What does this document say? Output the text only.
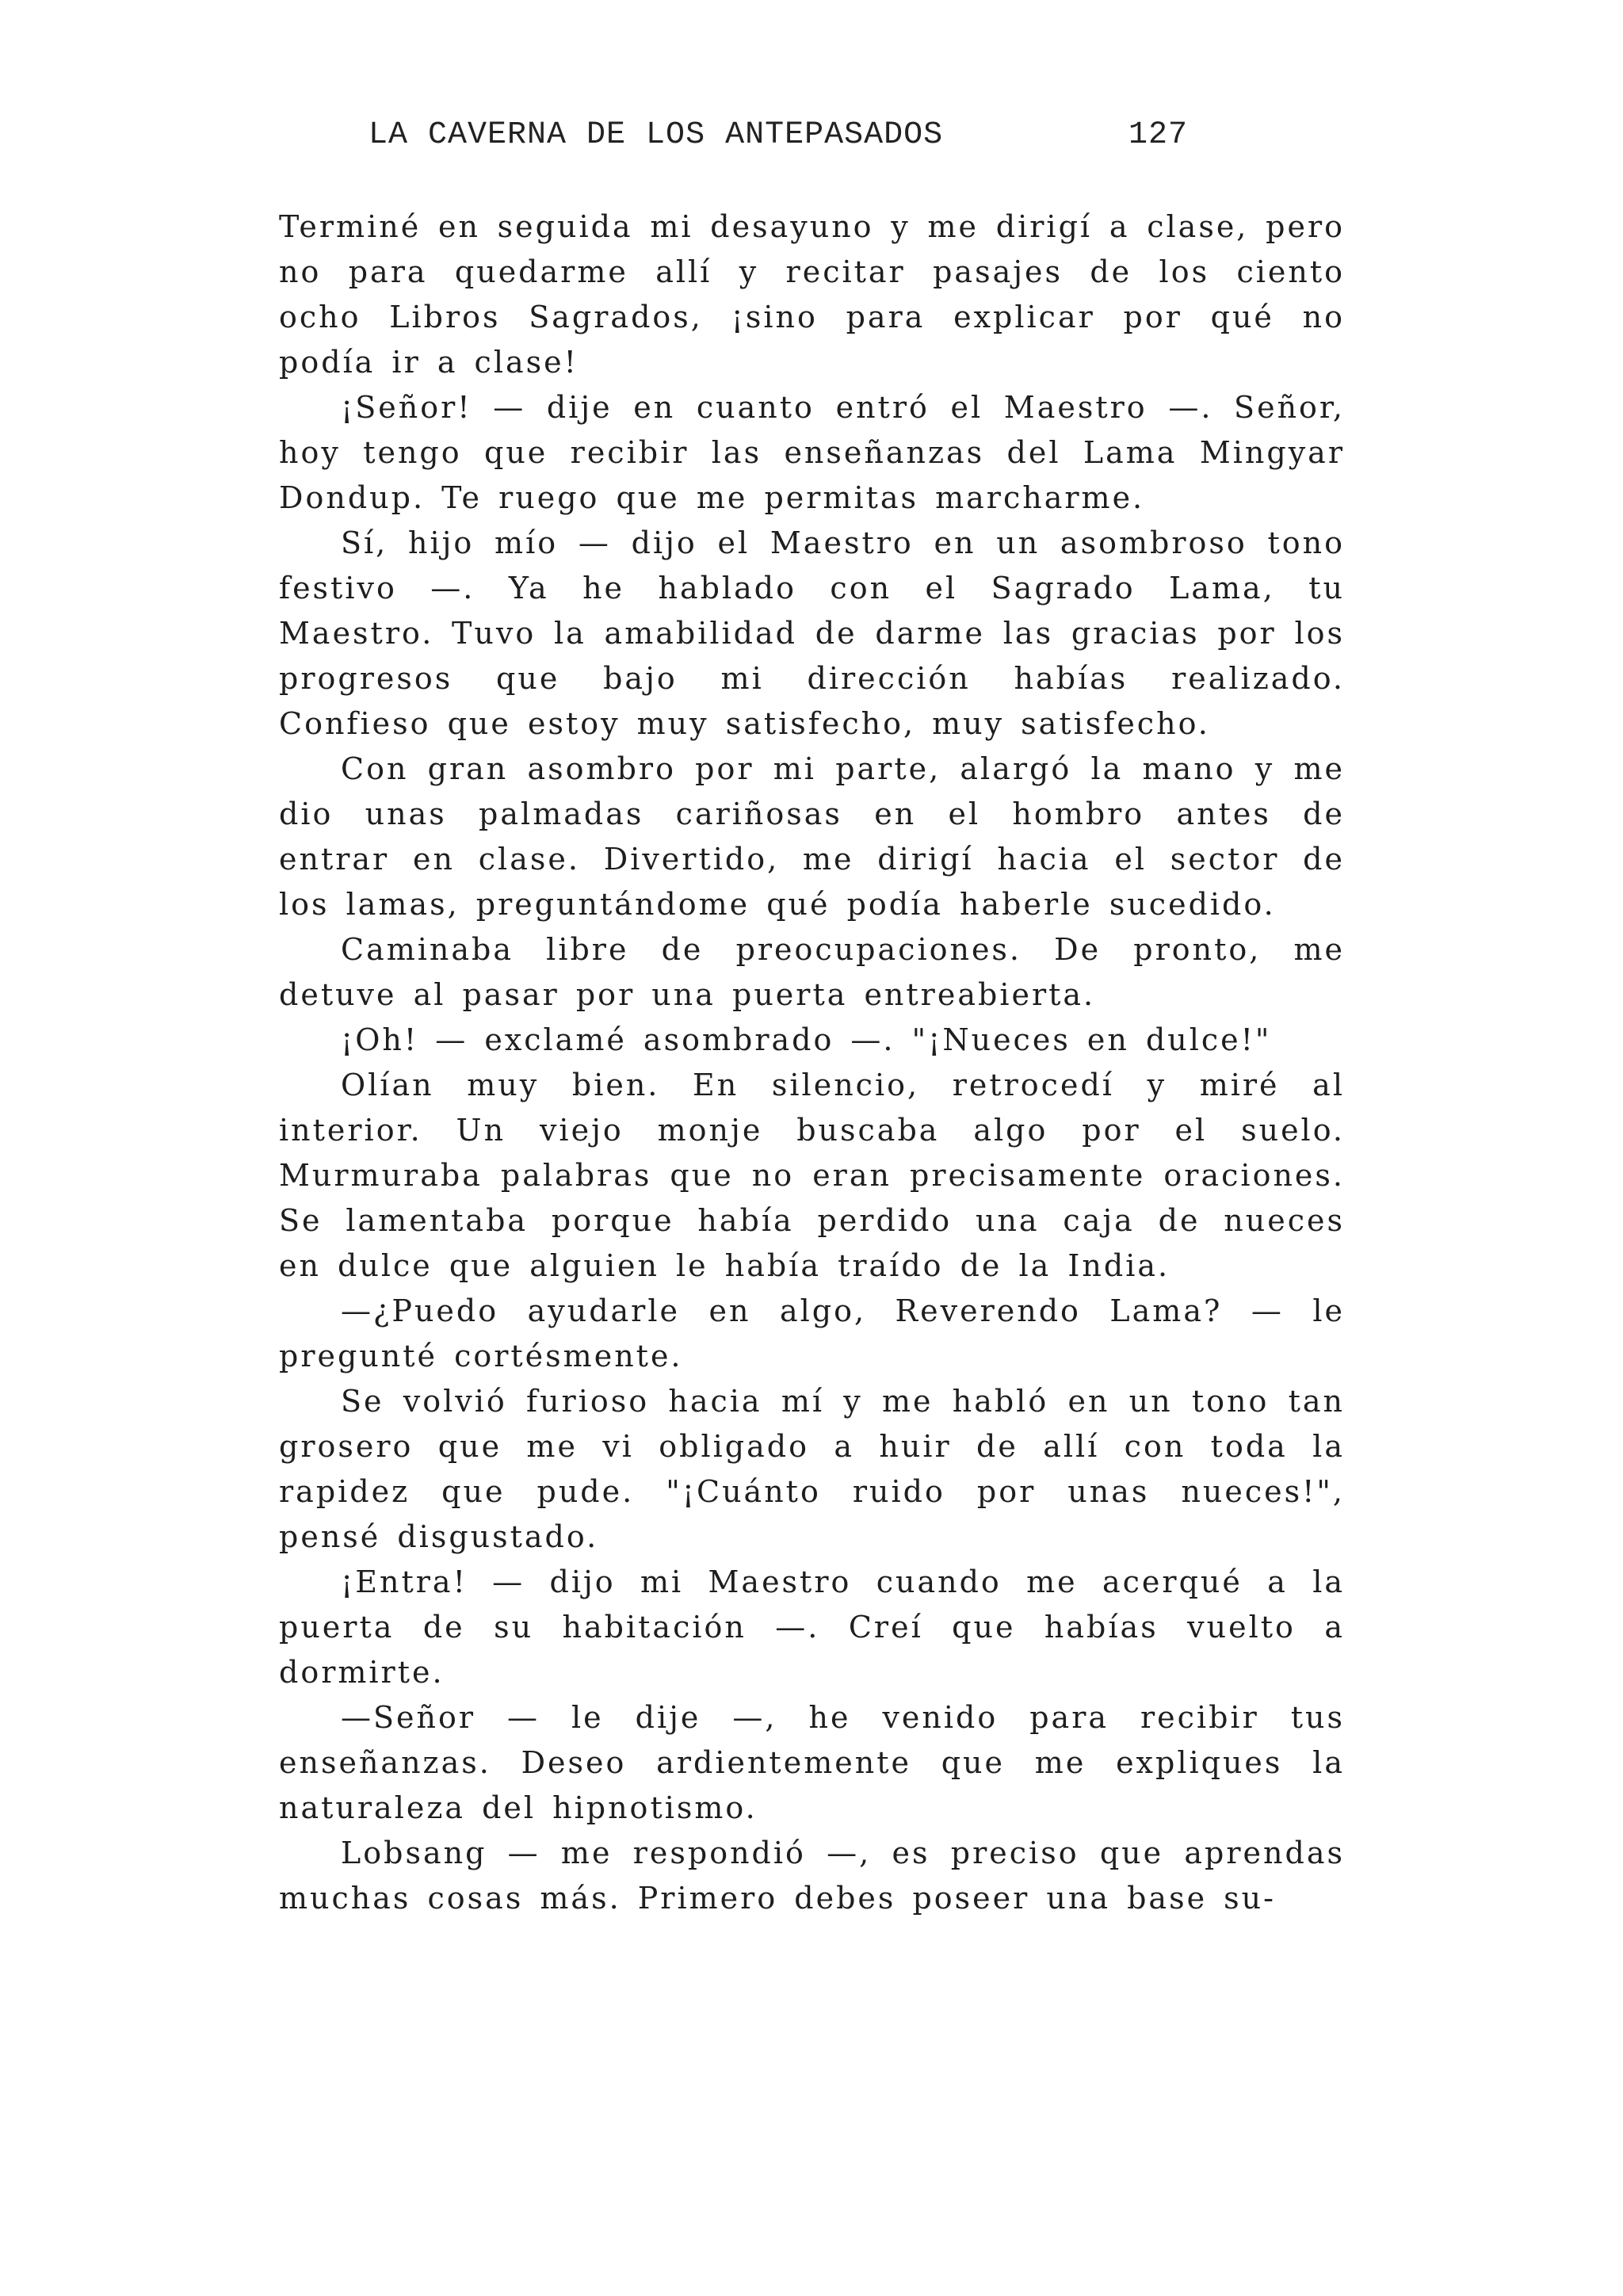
LA CAVERNA DE LOS ANTEPASADOS	127

Terminé en seguida mi desayuno y me dirigí a clase, pero no para quedarme allí y recitar pasajes de los ciento ocho Libros Sagrados, ¡sino para explicar por qué no podía ir a clase!

¡Señor! — dije en cuanto entró el Maestro —. Señor, hoy tengo que recibir las enseñanzas del Lama Mingyar Dondup. Te ruego que me permitas marcharme.

Sí, hijo mío — dijo el Maestro en un asombroso tono festivo —. Ya he hablado con el Sagrado Lama, tu Maestro. Tuvo la amabilidad de darme las gracias por los progresos que bajo mi dirección habías realizado. Confieso que estoy muy satisfecho, muy satisfecho.

Con gran asombro por mi parte, alargó la mano y me dio unas palmadas cariñosas en el hombro antes de entrar en clase. Divertido, me dirigí hacia el sector de los lamas, preguntándome qué podía haberle sucedido.

Caminaba libre de preocupaciones. De pronto, me detuve al pasar por una puerta entreabierta.

¡Oh! — exclamé asombrado —. "¡Nueces en dulce!"

Olían muy bien. En silencio, retrocedí y miré al interior. Un viejo monje buscaba algo por el suelo. Murmuraba palabras que no eran precisamente oraciones. Se lamentaba porque había perdido una caja de nueces en dulce que alguien le había traído de la India.

—¿Puedo ayudarle en algo, Reverendo Lama? — le pregunté cortésmente.

Se volvió furioso hacia mí y me habló en un tono tan grosero que me vi obligado a huir de allí con toda la rapidez que pude. "¡Cuánto ruido por unas nueces!", pensé disgustado.

¡Entra! — dijo mi Maestro cuando me acerqué a la puerta de su habitación —. Creí que habías vuelto a dormirte.

—Señor — le dije —, he venido para recibir tus enseñanzas. Deseo ardientemente que me expliques la naturaleza del hipnotismo.

Lobsang — me respondió —, es preciso que aprendas muchas cosas más. Primero debes poseer una base su-
